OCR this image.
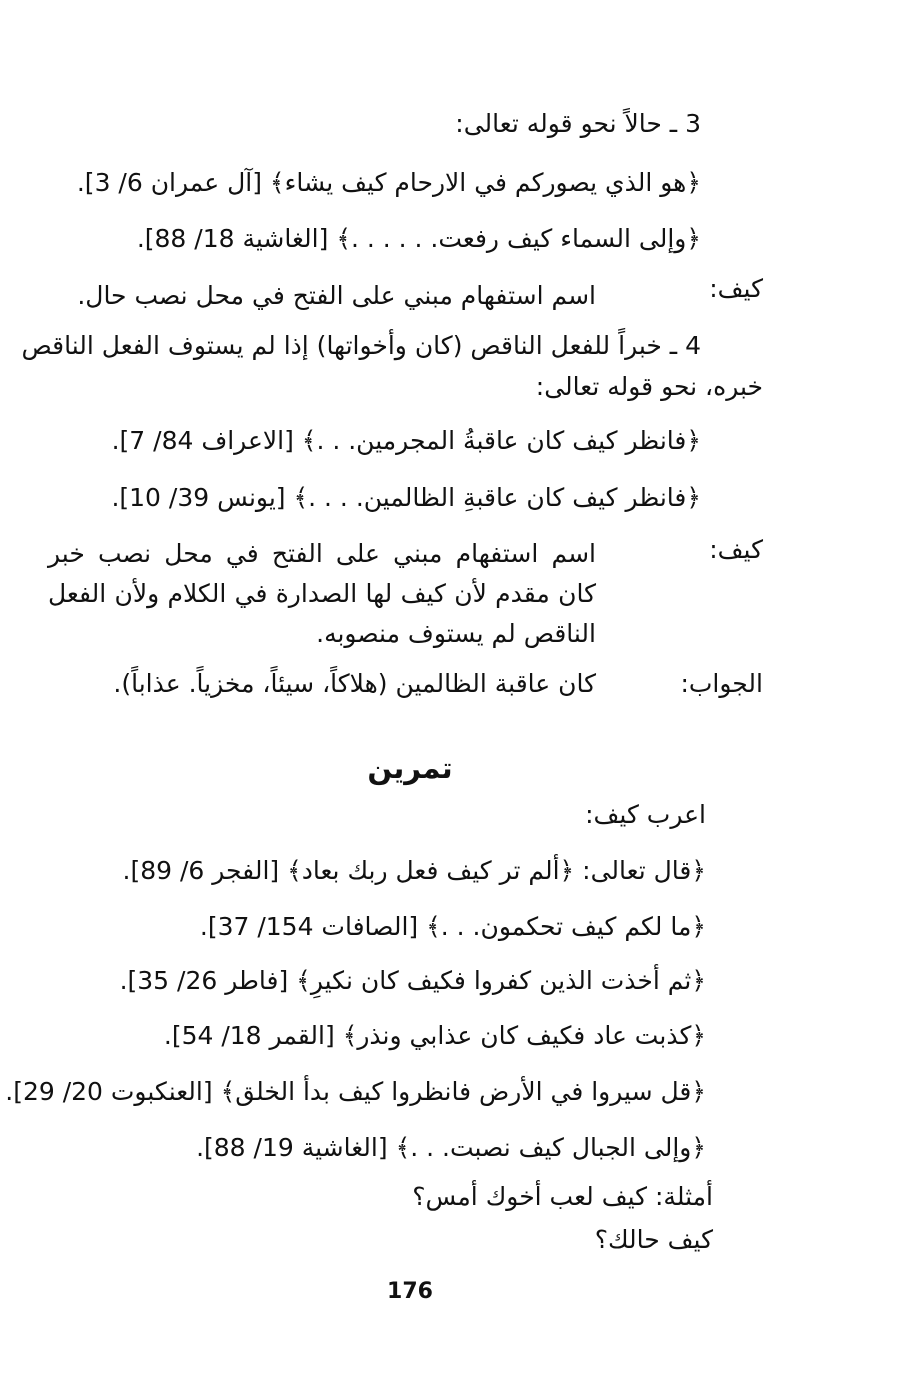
3 ـ حالاً نحو قوله تعالى:
﴿هو الذي يصوركم في الارحام كيف يشاء﴾ [آل عمران 6/ 3].
﴿وإلى السماء كيف رفعت. . . . . .﴾ [الغاشية 18/ 88].
كيف:
اسم استفهام مبني على الفتح في محل نصب حال.
4 ـ خبراً للفعل الناقص (كان وأخواتها) إذا لم يستوف الفعل الناقص
خبره، نحو قوله تعالى:
﴿فانظر كيف كان عاقبةُ المجرمين. . .﴾ [الاعراف 84/ 7].
﴿فانظر كيف كان عاقبةِ الظالمين. . . .﴾ [يونس 39/ 10].
كيف:
اسم استفهام مبني على الفتح في محل نصب خبر كان مقدم لأن كيف لها الصدارة في الكلام ولأن الفعل الناقص لم يستوف منصوبه.
الجواب:
كان عاقبة الظالمين (هلاكاً، سيئاً، مخزياً. عذاباً).
تمرين
اعرب كيف:
﴿قال تعالى: ﴿ألم تر كيف فعل ربك بعاد﴾ [الفجر 6/ 89].
﴿ما لكم كيف تحكمون. . .﴾ [الصافات 154/ 37].
﴿ثم أخذت الذين كفروا فكيف كان نكيرِ﴾ [فاطر 26/ 35].
﴿كذبت عاد فكيف كان عذابي ونذر﴾ [القمر 18/ 54].
﴿قل سيروا في الأرض فانظروا كيف بدأ الخلق﴾ [العنكبوت 20/ 29].
﴿وإلى الجبال كيف نصبت. . .﴾ [الغاشية 19/ 88].
أمثلة: كيف لعب أخوك أمس؟
كيف حالك؟
176
